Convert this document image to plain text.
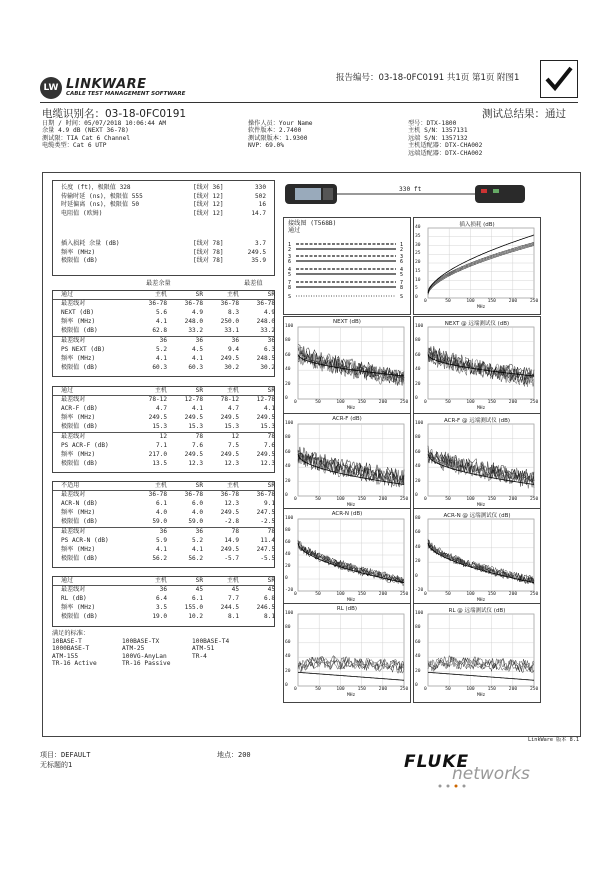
LW LINKWARE
CABLE TEST MANAGEMENT SOFTWARE
报告编号：03-18-0FC0191 共1页 第1页 附图1
电缆识别名：03-18-0FC0191	测试总结果：通过
日期 / 时间：05/07/2018 10:06:44 AM
余量 4.9 dB (NEXT 36-78)
测试限：TIA Cat 6 Channel
电缆类型：Cat 6 UTP
操作人员：Your Name
软件版本：2.7400
测试限版本：1.9300
NVP：69.0%
型号：DTX-1800
主机 S/N：1357131
远端 S/N：1357132
主机适配器：DTX-CHA002
远端适配器：DTX-CHA002
长度 (ft)，极限值 328	[线对 36]	330
传输时延 (ns)，极限值 555	[线对 12]	502
时延偏离 (ns)，极限值 50	[线对 12]	16
电阻值 (欧姆)	[线对 12]	14.7
插入损耗 余量 (dB)	[线对 78]	3.7
频率 (MHz)	[线对 78]	249.5
极限值 (dB)	[线对 78]	35.9
330 ft
接线图 (T568B)
通过
1	1
2	2
3	3
6	6
4	4
5	5
7	7
8	8
S	S
插入损耗 (dB)
40
35
30
25
20
15
10
5
0
0	50	100	150	200	250
MHz
NEXT (dB)
100
80
60
40
20
0
0	50	100	150	200	250
MHz
NEXT @ 远端测试仪 (dB)
100
80
60
40
20
0
0	50	100	150	200	250
MHz
ACR-F (dB)
100
80
60
40
20
0
0	50	100	150	200	250
MHz
ACR-F @ 远端测试仪 (dB)
100
80
60
40
20
0
0	50	100	150	200	250
MHz
ACR-N (dB)
100
80
60
40
20
0
-20
0	50	100	150	200	250
MHz
ACR-N @ 远端测试仪 (dB)
80
60
40
20
0
-20
0	50	100	150	200	250
MHz
RL (dB)
100
80
60
40
20
0
0	50	100	150	200	250
MHz
RL @ 远端测试仪 (dB)
100
80
60
40
20
0
0	50	100	150	200	250
MHz
最差余量	最差值
通过	主机	SR	主机	SR
最差线对	36-78	36-78	36-78	36-78
NEXT (dB)	5.6	4.9	8.3	4.9
频率 (MHz)	4.1	248.0	250.0	248.0
极限值 (dB)	62.8	33.2	33.1	33.2
最差线对	36	36	36	36
PS NEXT (dB)	5.2	4.5	9.4	6.3
频率 (MHz)	4.1	4.1	249.5	248.5
极限值 (dB)	60.3	60.3	30.2	30.2
通过	主机	SR	主机	SR
最差线对	78-12	12-78	78-12	12-78
ACR-F (dB)	4.7	4.1	4.7	4.1
频率 (MHz)	249.5	249.5	249.5	249.5
极限值 (dB)	15.3	15.3	15.3	15.3
最差线对	12	78	12	78
PS ACR-F (dB)	7.1	7.6	7.5	7.6
频率 (MHz)	217.0	249.5	249.5	249.5
极限值 (dB)	13.5	12.3	12.3	12.3
不适用	主机	SR	主机	SR
最差线对	36-78	36-78	36-78	36-78
ACR-N (dB)	6.1	6.0	12.3	9.1
频率 (MHz)	4.0	4.0	249.5	247.5
极限值 (dB)	59.0	59.0	-2.8	-2.5
最差线对	36	36	78	78
PS ACR-N (dB)	5.9	5.2	14.9	11.4
频率 (MHz)	4.1	4.1	249.5	247.5
极限值 (dB)	56.2	56.2	-5.7	-5.5
通过	主机	SR	主机	SR
最差线对	36	45	45	45
RL (dB)	6.4	6.1	7.7	6.8
频率 (MHz)	3.5	155.0	244.5	246.5
极限值 (dB)	19.0	10.2	8.1	8.1
满足的标准：
10BASE-T
1000BASE-T
ATM-155
TR-16 Active
100BASE-TX
ATM-25
100VG-AnyLan
TR-16 Passive
100BASE-T4
ATM-51
TR-4
LinkWare 版本 8.1
项目：DEFAULT
无标题的1
地点：200	FLUKE
networks
